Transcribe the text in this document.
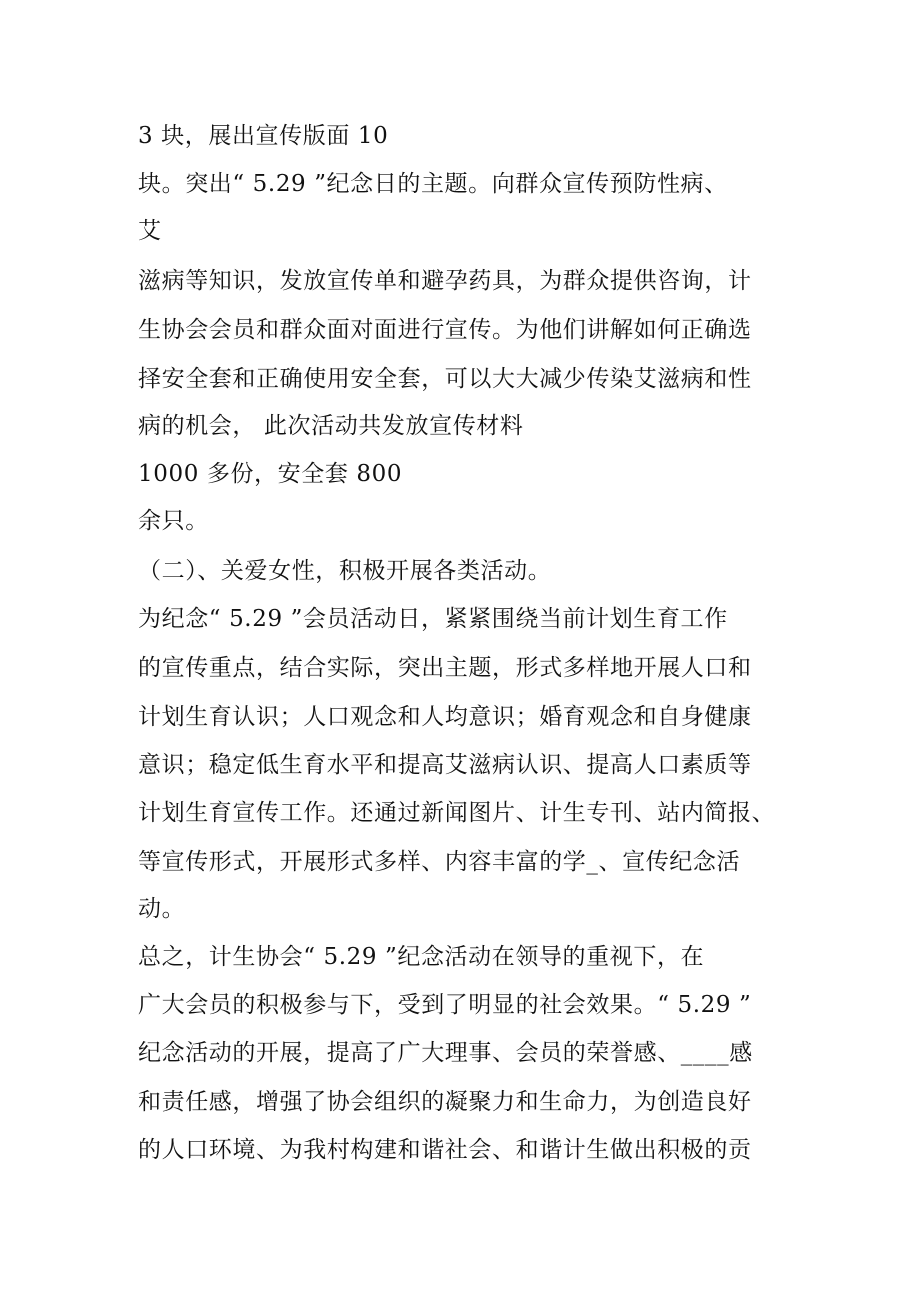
3 块，展出宣传版面 10
块。突出“ 5.29 ”纪念日的主题。向群众宣传预防性病、
艾
滋病等知识，发放宣传单和避孕药具，为群众提供咨询，计
生协会会员和群众面对面进行宣传。为他们讲解如何正确选
择安全套和正确使用安全套，可以大大减少传染艾滋病和性
病的机会， 此次活动共发放宣传材料
1000 多份，安全套 800
余只。
（二）、关爱女性，积极开展各类活动。
为纪念“ 5.29 ”会员活动日，紧紧围绕当前计划生育工作
的宣传重点，结合实际，突出主题，形式多样地开展人口和
计划生育认识；人口观念和人均意识；婚育观念和自身健康
意识；稳定低生育水平和提高艾滋病认识、提高人口素质等
计划生育宣传工作。还通过新闻图片、计生专刊、站内简报、
等宣传形式，开展形式多样、内容丰富的学_、宣传纪念活
动。
总之，计生协会“ 5.29 ”纪念活动在领导的重视下，在
广大会员的积极参与下，受到了明显的社会效果。“ 5.29 ”
纪念活动的开展，提高了广大理事、会员的荣誉感、____感
和责任感，增强了协会组织的凝聚力和生命力，为创造良好
的人口环境、为我村构建和谐社会、和谐计生做出积极的贡
